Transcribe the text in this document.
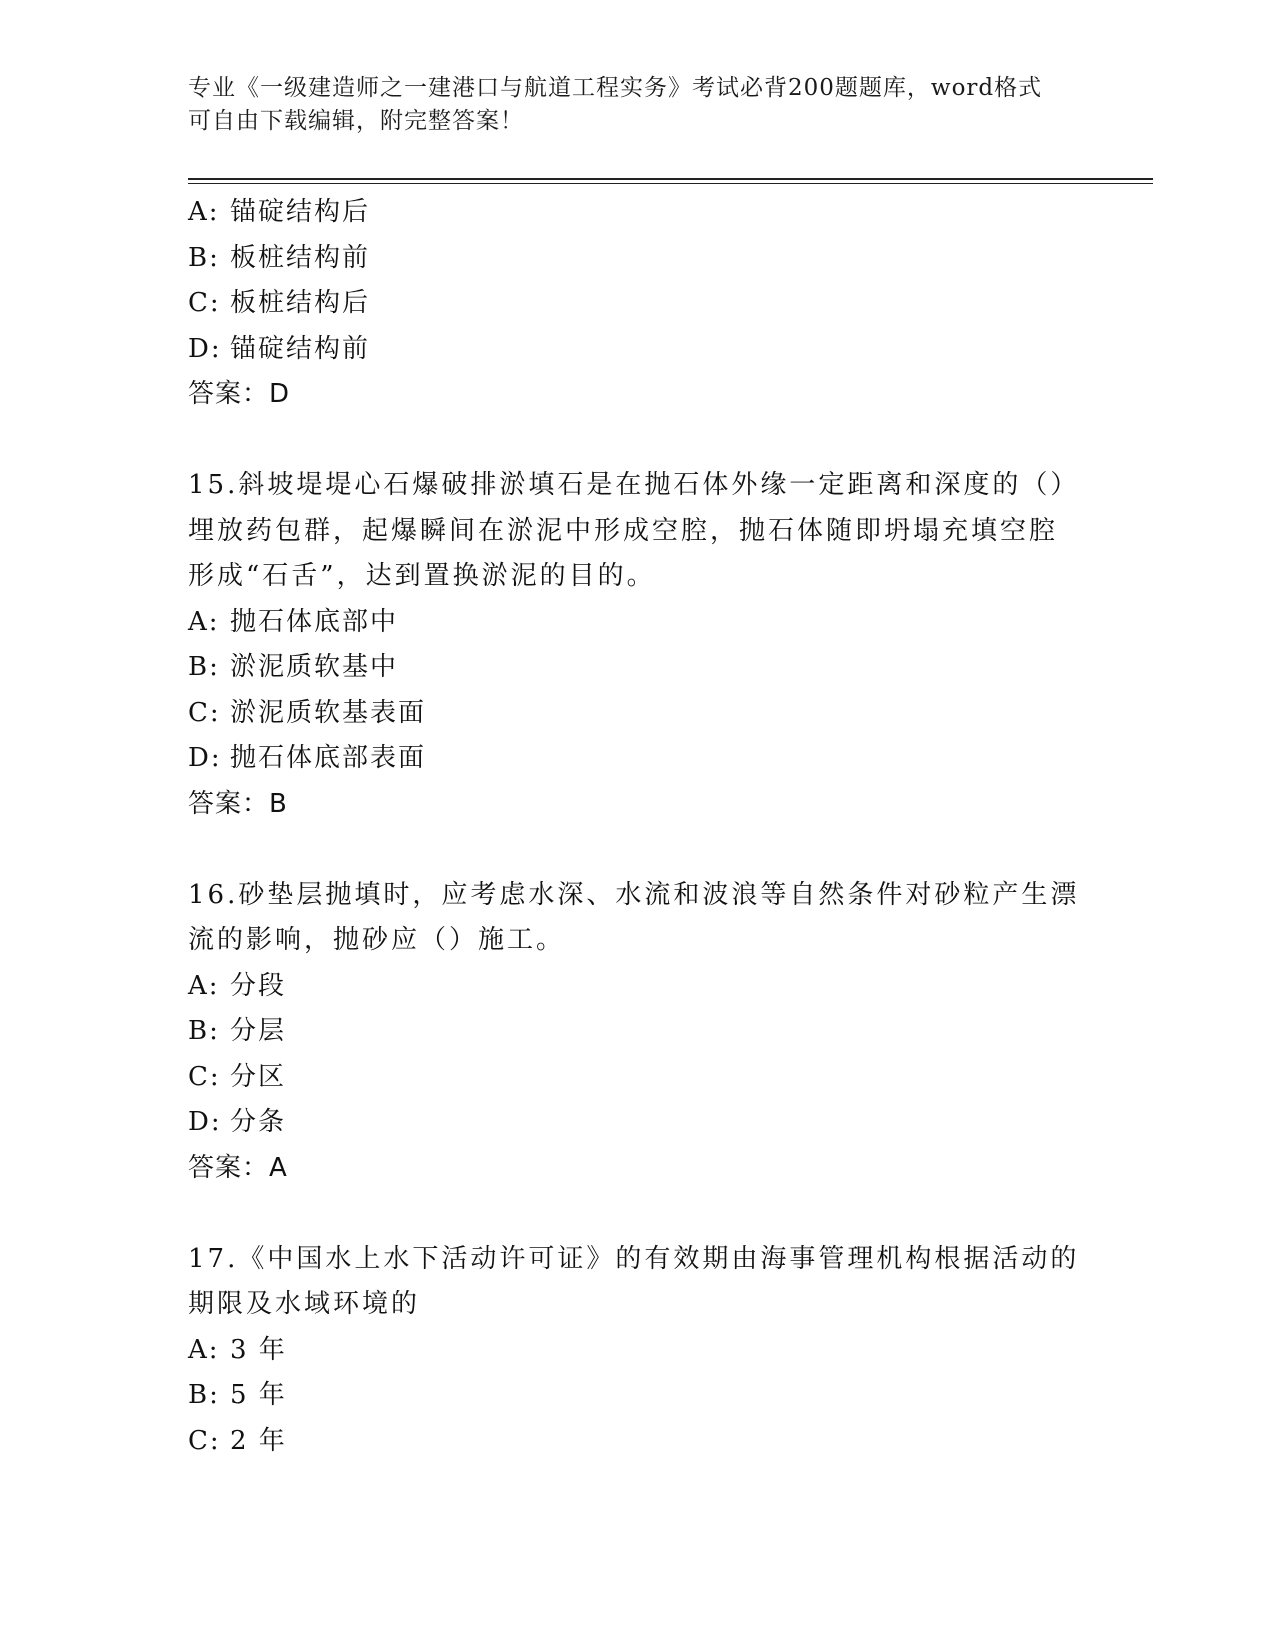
专业《一级建造师之一建港口与航道工程实务》考试必背200题题库，word格式
可自由下载编辑，附完整答案！
A: 锚碇结构后
B: 板桩结构前
C: 板桩结构后
D: 锚碇结构前
答案：D
15.斜坡堤堤心石爆破排淤填石是在抛石体外缘一定距离和深度的（）
埋放药包群，起爆瞬间在淤泥中形成空腔，抛石体随即坍塌充填空腔
形成“石舌”，达到置换淤泥的目的。
A: 抛石体底部中
B: 淤泥质软基中
C: 淤泥质软基表面
D: 抛石体底部表面
答案：B
16.砂垫层抛填时，应考虑水深、水流和波浪等自然条件对砂粒产生漂
流的影响，抛砂应（）施工。
A: 分段
B: 分层
C: 分区
D: 分条
答案：A
17.《中国水上水下活动许可证》的有效期由海事管理机构根据活动的
期限及水域环境的
A: 3 年
B: 5 年
C: 2 年
